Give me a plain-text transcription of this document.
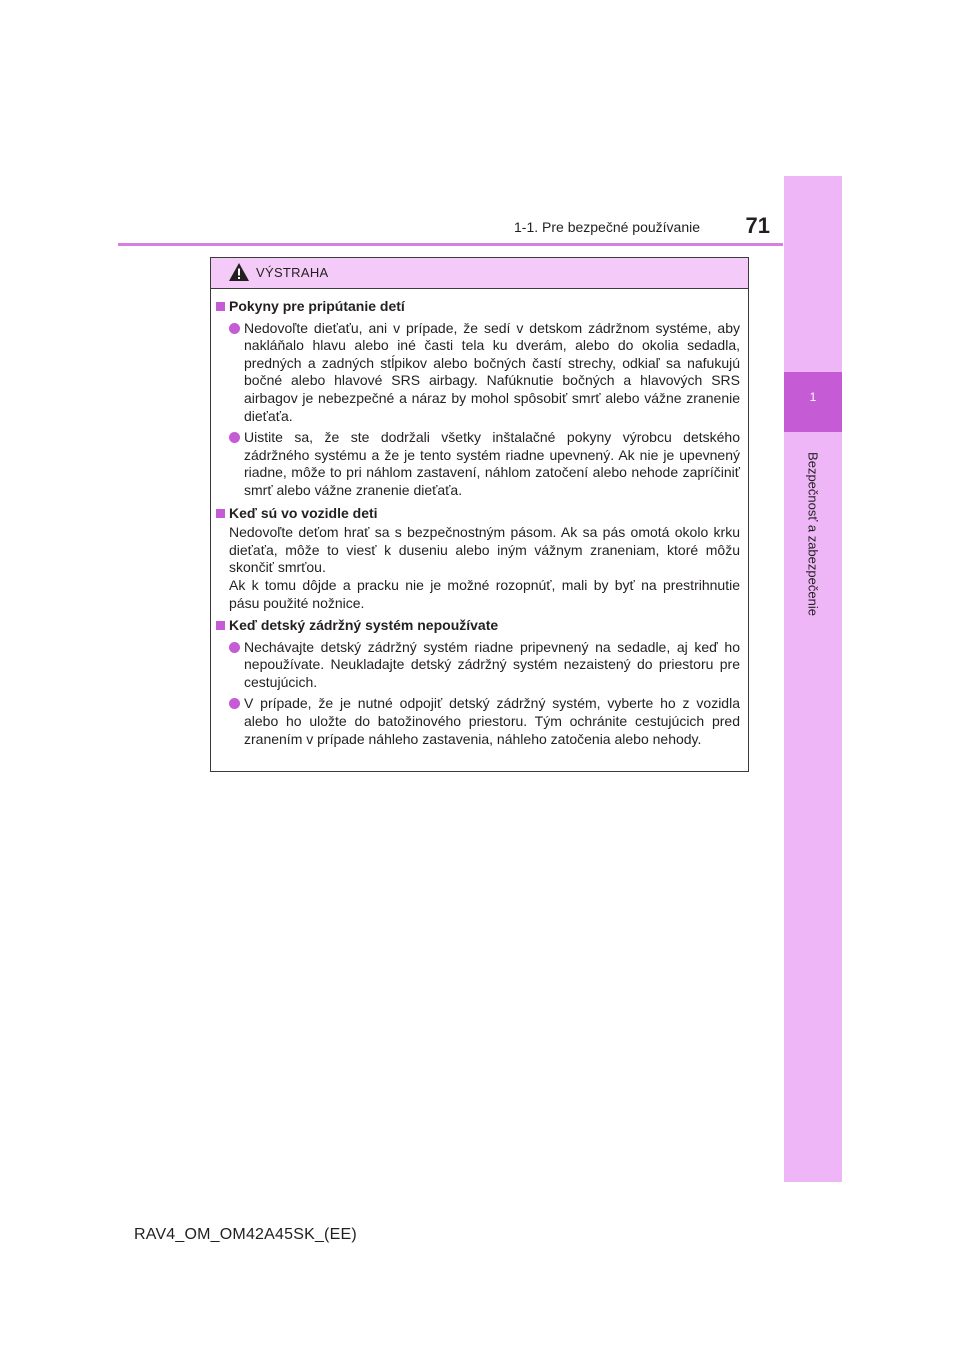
1-1. Pre bezpečné používanie	71
1
Bezpečnosť a zabezpečenie
VÝSTRAHA
Pokyny pre pripútanie detí
Nedovoľte dieťaťu, ani v prípade, že sedí v detskom zádržnom systéme, aby nakláňalo hlavu alebo iné časti tela ku dverám, alebo do okolia sedadla, predných a zadných stĺpikov alebo bočných častí strechy, odkiaľ sa nafukujú bočné alebo hlavové SRS airbagy. Nafúknutie bočných a hlavových SRS airbagov je nebezpečné a náraz by mohol spôsobiť smrť alebo vážne zranenie dieťaťa.
Uistite sa, že ste dodržali všetky inštalačné pokyny výrobcu detského zádržného systému a že je tento systém riadne upevnený. Ak nie je upevnený riadne, môže to pri náhlom zastavení, náhlom zatočení alebo nehode zapríčiniť smrť alebo vážne zranenie dieťaťa.
Keď sú vo vozidle deti
Nedovoľte deťom hrať sa s bezpečnostným pásom. Ak sa pás omotá okolo krku dieťaťa, môže to viesť k duseniu alebo iným vážnym zraneniam, ktoré môžu skončiť smrťou.
Ak k tomu dôjde a pracku nie je možné rozopnúť, mali by byť na prestrihnutie pásu použité nožnice.
Keď detský zádržný systém nepoužívate
Nechávajte detský zádržný systém riadne pripevnený na sedadle, aj keď ho nepoužívate. Neukladajte detský zádržný systém nezaistený do priestoru pre cestujúcich.
V prípade, že je nutné odpojiť detský zádržný systém, vyberte ho z vozidla alebo ho uložte do batožinového priestoru. Tým ochránite cestujúcich pred zranením v prípade náhleho zastavenia, náhleho zatočenia alebo nehody.
RAV4_OM_OM42A45SK_(EE)
